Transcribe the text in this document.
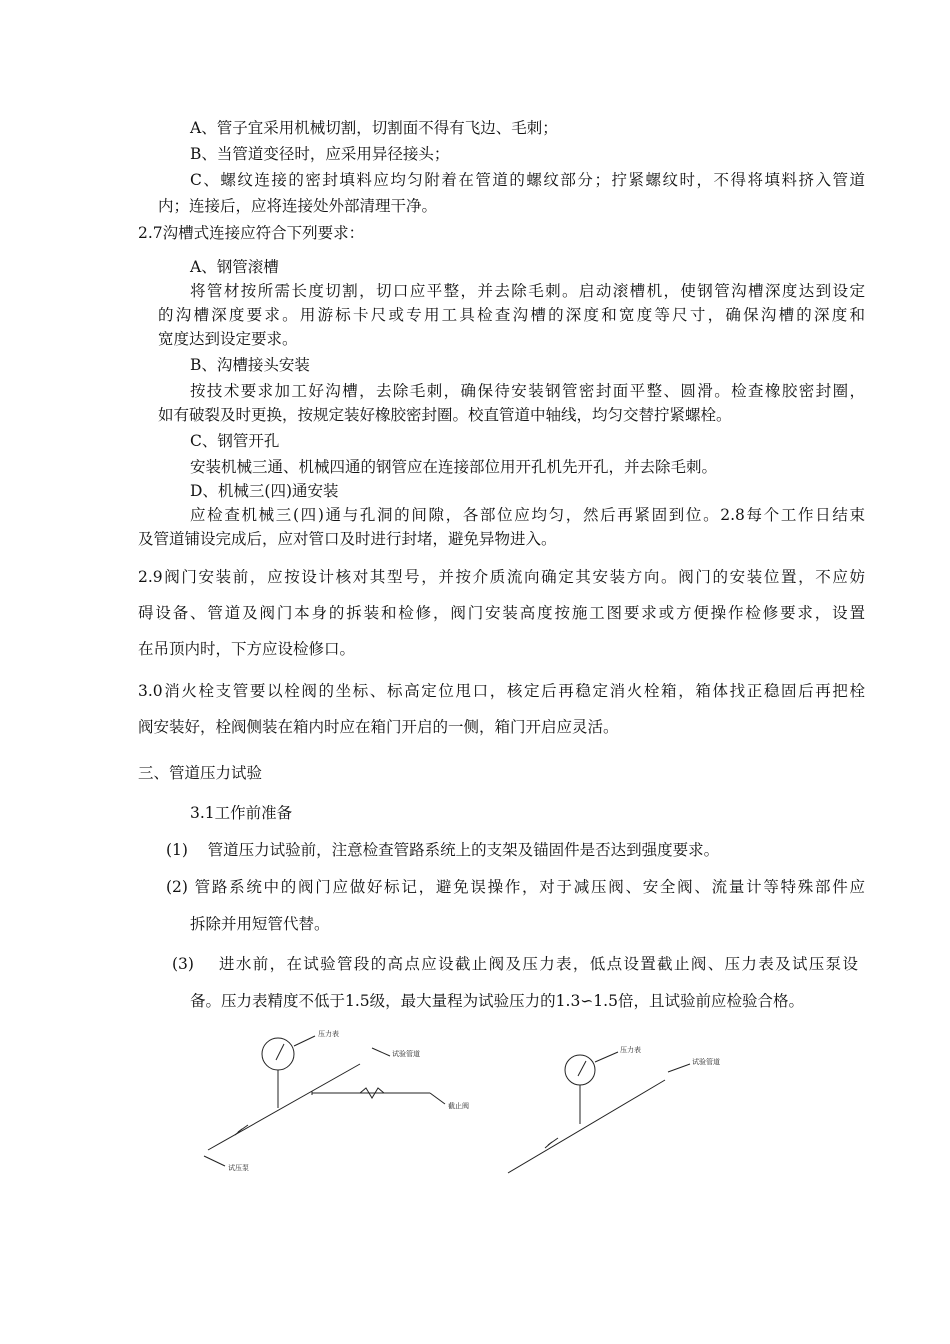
A、管子宜采用机械切割，切割面不得有飞边、毛刺；
B、当管道变径时，应采用异径接头；
C、螺纹连接的密封填料应均匀附着在管道的螺纹部分；拧紧螺纹时，不得将填料挤入管道
内；连接后，应将连接处外部清理干净。
2.7沟槽式连接应符合下列要求：
A、钢管滚槽
将管材按所需长度切割，切口应平整，并去除毛刺。启动滚槽机，使钢管沟槽深度达到设定
的沟槽深度要求。用游标卡尺或专用工具检查沟槽的深度和宽度等尺寸，确保沟槽的深度和
宽度达到设定要求。
B、沟槽接头安装
按技术要求加工好沟槽，去除毛刺，确保待安装钢管密封面平整、圆滑。检查橡胶密封圈，
如有破裂及时更换，按规定装好橡胶密封圈。校直管道中轴线，均匀交替拧紧螺栓。
C、钢管开孔
安装机械三通、机械四通的钢管应在连接部位用开孔机先开孔，并去除毛刺。
D、机械三(四)通安装
应检查机械三(四)通与孔洞的间隙，各部位应均匀，然后再紧固到位。2.8每个工作日结束
及管道铺设完成后，应对管口及时进行封堵，避免异物进入。
2.9阀门安装前，应按设计核对其型号，并按介质流向确定其安装方向。阀门的安装位置，不应妨
碍设备、管道及阀门本身的拆装和检修，阀门安装高度按施工图要求或方便操作检修要求，设置
在吊顶内时，下方应设检修口。
3.0消火栓支管要以栓阀的坐标、标高定位甩口，核定后再稳定消火栓箱，箱体找正稳固后再把栓
阀安装好，栓阀侧装在箱内时应在箱门开启的一侧，箱门开启应灵活。
三、管道压力试验
3.1工作前准备
(1)    管道压力试验前，注意检查管路系统上的支架及锚固件是否达到强度要求。
(2) 管路系统中的阀门应做好标记，避免误操作，对于减压阀、安全阀、流量计等特殊部件应
拆除并用短管代替。
(3)    进水前，在试验管段的高点应设截止阀及压力表，低点设置截止阀、压力表及试压泵设
备。压力表精度不低于1.5级，最大量程为试验压力的1.3∽1.5倍，且试验前应检验合格。
压力表
试验管道
截止阀
试压泵
压力表
试验管道
